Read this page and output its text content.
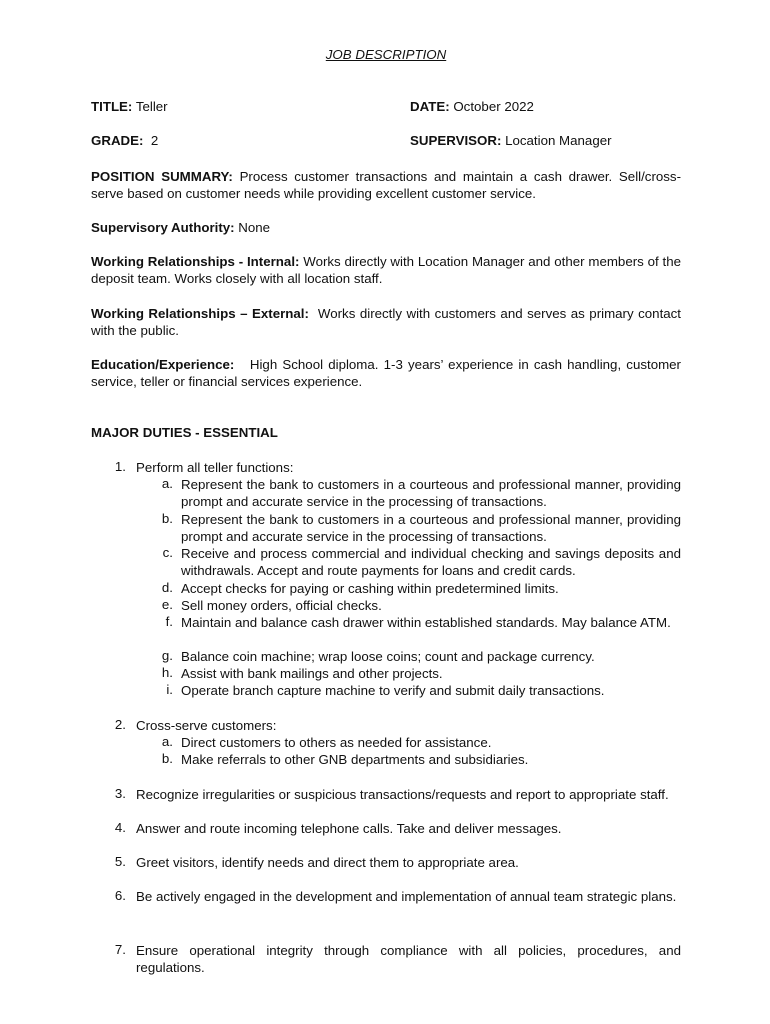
JOB DESCRIPTION
TITLE: Teller	DATE: October 2022
GRADE: 2	SUPERVISOR: Location Manager
POSITION SUMMARY: Process customer transactions and maintain a cash drawer. Sell/cross-serve based on customer needs while providing excellent customer service.
Supervisory Authority: None
Working Relationships - Internal: Works directly with Location Manager and other members of the deposit team. Works closely with all location staff.
Working Relationships – External: Works directly with customers and serves as primary contact with the public.
Education/Experience: High School diploma. 1-3 years’ experience in cash handling, customer service, teller or financial services experience.
MAJOR DUTIES - ESSENTIAL
1. Perform all teller functions:
a. Represent the bank to customers in a courteous and professional manner, providing prompt and accurate service in the processing of transactions.
b. Represent the bank to customers in a courteous and professional manner, providing prompt and accurate service in the processing of transactions.
c. Receive and process commercial and individual checking and savings deposits and withdrawals. Accept and route payments for loans and credit cards.
d. Accept checks for paying or cashing within predetermined limits.
e. Sell money orders, official checks.
f. Maintain and balance cash drawer within established standards. May balance ATM.
g. Balance coin machine; wrap loose coins; count and package currency.
h. Assist with bank mailings and other projects.
i. Operate branch capture machine to verify and submit daily transactions.
2. Cross-serve customers:
a. Direct customers to others as needed for assistance.
b. Make referrals to other GNB departments and subsidiaries.
3. Recognize irregularities or suspicious transactions/requests and report to appropriate staff.
4. Answer and route incoming telephone calls. Take and deliver messages.
5. Greet visitors, identify needs and direct them to appropriate area.
6. Be actively engaged in the development and implementation of annual team strategic plans.
7. Ensure operational integrity through compliance with all policies, procedures, and regulations.
